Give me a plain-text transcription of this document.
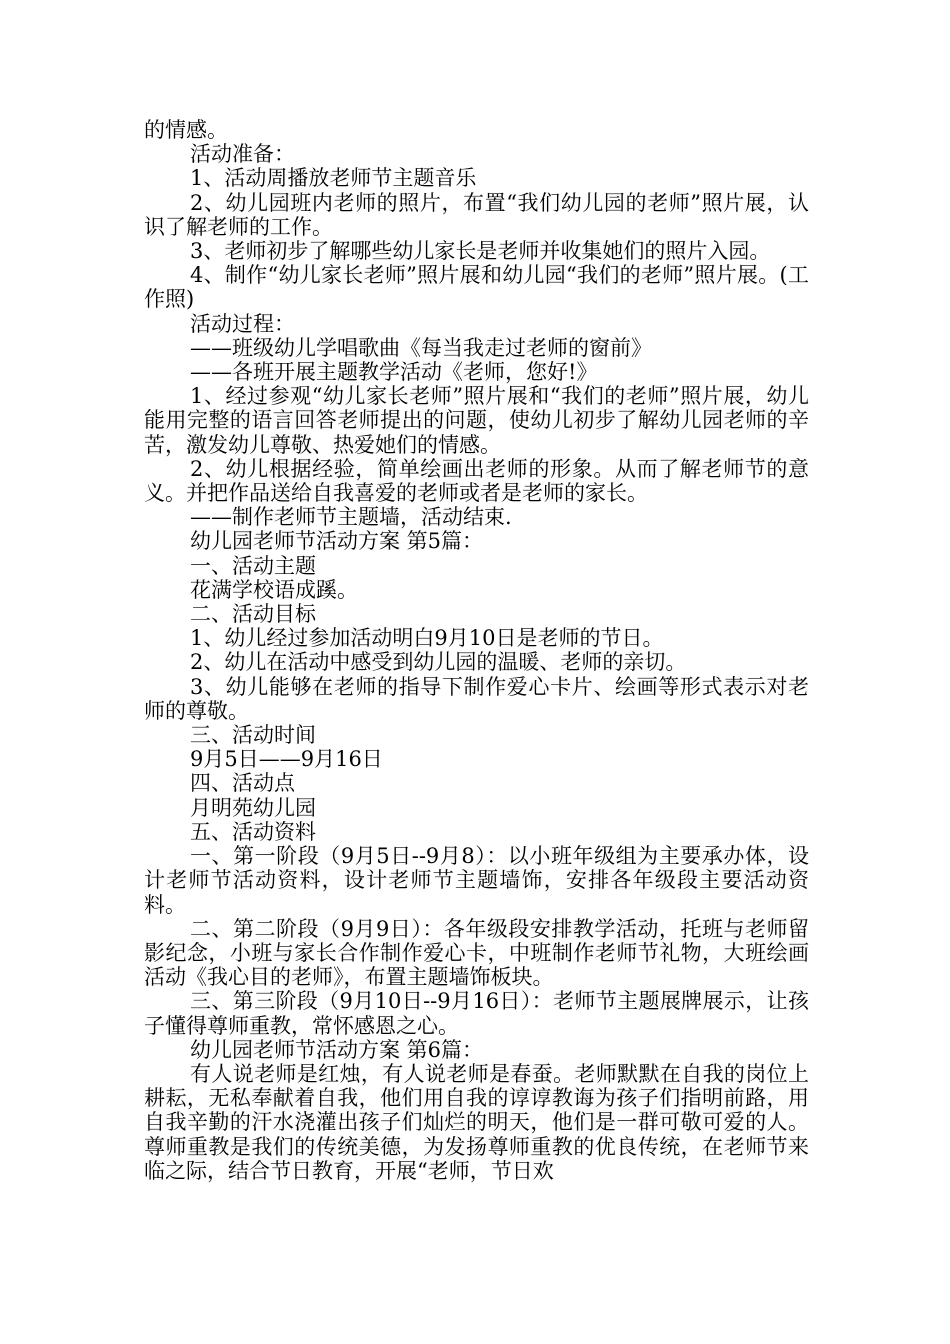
的情感。

活动准备：

1、活动周播放老师节主题音乐

2、幼儿园班内老师的照片，布置“我们幼儿园的老师”照片展，认识了解老师的工作。

3、老师初步了解哪些幼儿家长是老师并收集她们的照片入园。

4、制作“幼儿家长老师”照片展和幼儿园“我们的老师”照片展。(工作照)

活动过程：

——班级幼儿学唱歌曲《每当我走过老师的窗前》

——各班开展主题教学活动《老师，您好!》

1、经过参观“幼儿家长老师”照片展和“我们的老师”照片展，幼儿能用完整的语言回答老师提出的问题，使幼儿初步了解幼儿园老师的辛苦，激发幼儿尊敬、热爱她们的情感。

2、幼儿根据经验，简单绘画出老师的形象。从而了解老师节的意义。并把作品送给自我喜爱的老师或者是老师的家长。

——制作老师节主题墙，活动结束.

幼儿园老师节活动方案 第5篇：

一、活动主题

花满学校语成蹊。

二、活动目标

1、幼儿经过参加活动明白9月10日是老师的节日。

2、幼儿在活动中感受到幼儿园的温暖、老师的亲切。

3、幼儿能够在老师的指导下制作爱心卡片、绘画等形式表示对老师的尊敬。

三、活动时间

9月5日——9月16日

四、活动点

月明苑幼儿园

五、活动资料

一、第一阶段（9月5日--9月8）：以小班年级组为主要承办体，设计老师节活动资料，设计老师节主题墙饰，安排各年级段主要活动资料。

二、第二阶段（9月9日）：各年级段安排教学活动，托班与老师留影纪念，小班与家长合作制作爱心卡，中班制作老师节礼物，大班绘画活动《我心目的老师》，布置主题墙饰板块。

三、第三阶段（9月10日--9月16日）：老师节主题展牌展示，让孩子懂得尊师重教，常怀感恩之心。

幼儿园老师节活动方案 第6篇：

有人说老师是红烛，有人说老师是春蚕。老师默默在自我的岗位上耕耘，无私奉献着自我，他们用自我的谆谆教诲为孩子们指明前路，用自我辛勤的汗水浇灌出孩子们灿烂的明天，他们是一群可敬可爱的人。尊师重教是我们的传统美德，为发扬尊师重教的优良传统，在老师节来临之际，结合节日教育，开展“老师，节日欢
